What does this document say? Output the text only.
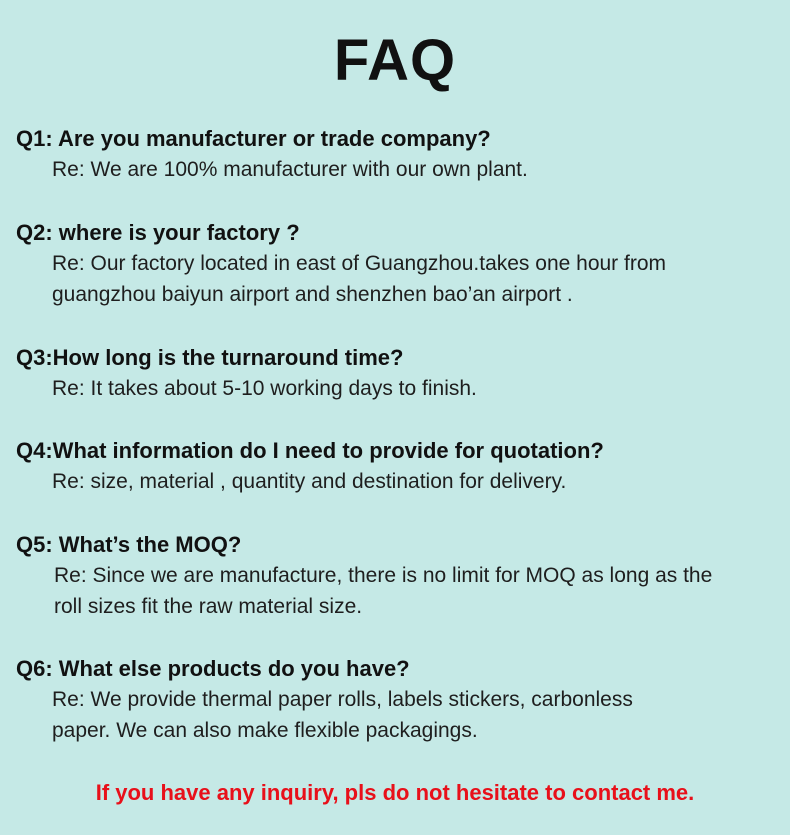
FAQ
Q1: Are you manufacturer or trade company?
Re: We are 100% manufacturer with our own plant.
Q2: where is your factory ?
Re: Our factory located in east of Guangzhou.takes one hour from
guangzhou baiyun airport and shenzhen bao’an airport .
Q3:How long is the turnaround time?
Re: It takes about 5-10 working days to finish.
Q4:What information do I need to provide for quotation?
Re: size, material , quantity and destination for delivery.
Q5: What’s the MOQ?
Re: Since we are manufacture, there is no limit for MOQ as long as the
roll sizes fit the raw material size.
Q6: What else products do you have?
Re: We provide thermal paper rolls, labels stickers, carbonless
paper. We can also make flexible packagings.
If you have any inquiry, pls do not hesitate to contact me.
